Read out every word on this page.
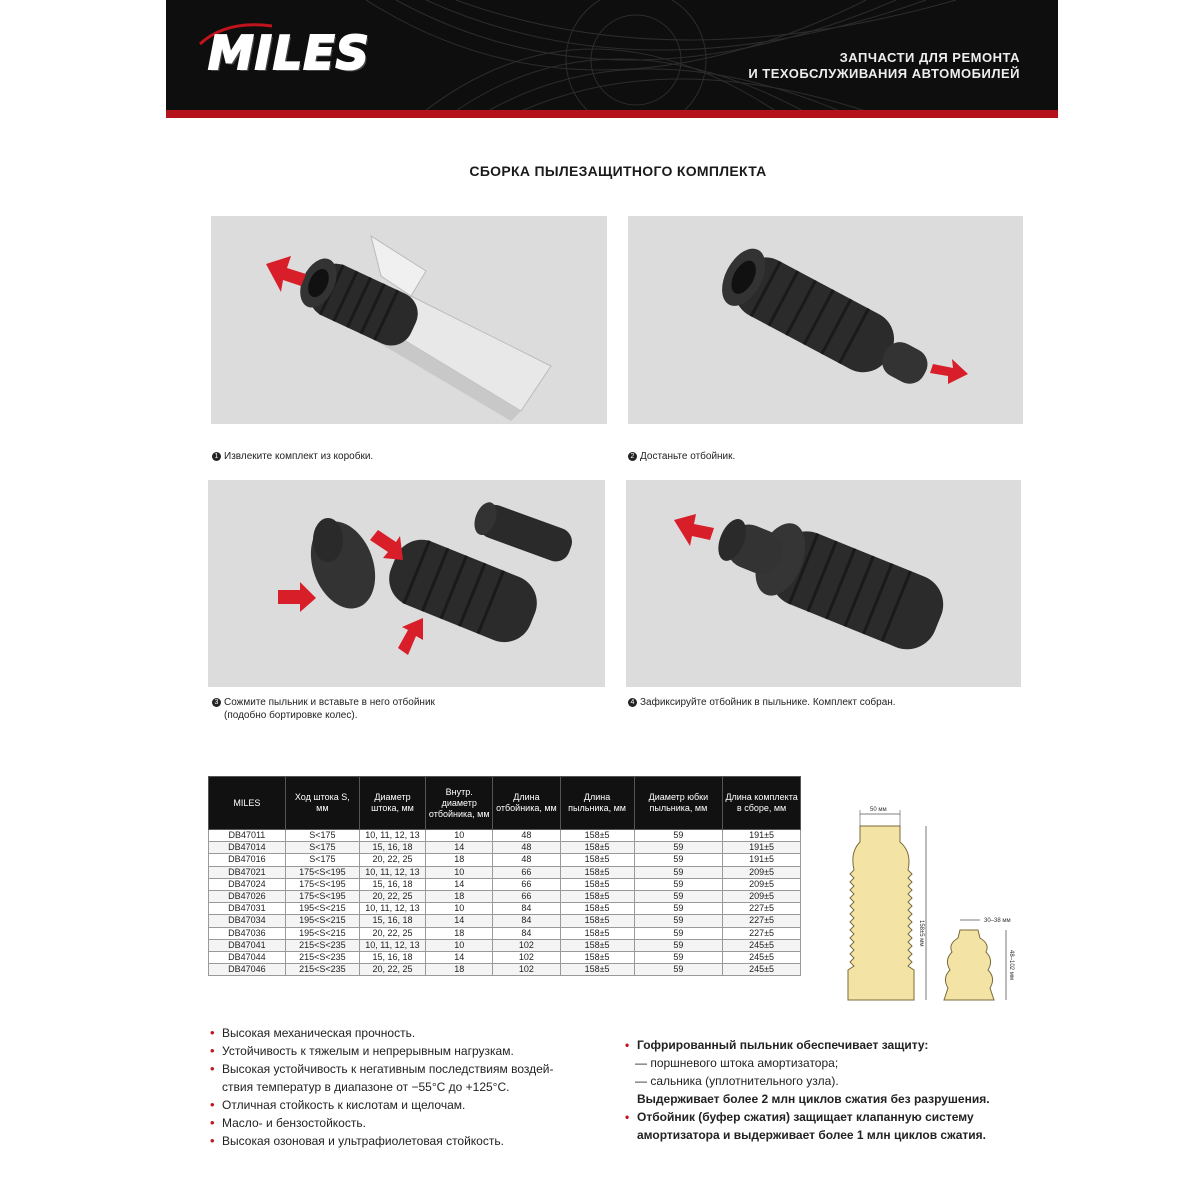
MILES	ЗАПЧАСТИ ДЛЯ РЕМОНТА
И ТЕХОБСЛУЖИВАНИЯ АВТОМОБИЛЕЙ
СБОРКА ПЫЛЕЗАЩИТНОГО КОМПЛЕКТА
1 Извлеките комплект из коробки.	2 Достаньте отбойник.
3 Сожмите пыльник и вставьте в него отбойник
(подобно бортировке колес).
4 Зафиксируйте отбойник в пыльнике. Комплект собран.
MILES	Ход штока S, мм	Диаметр штока, мм	Внутр. диаметр отбойника, мм	Длина отбойника, мм	Длина пыльника, мм	Диаметр юбки пыльника, мм	Длина комплекта в сборе, мм
DB47011	S<175	10, 11, 12, 13	10	48	158±5	59	191±5
DB47014	S<175	15, 16, 18	14	48	158±5	59	191±5
DB47016	S<175	20, 22, 25	18	48	158±5	59	191±5
DB47021	175<S<195	10, 11, 12, 13	10	66	158±5	59	209±5
DB47024	175<S<195	15, 16, 18	14	66	158±5	59	209±5
DB47026	175<S<195	20, 22, 25	18	66	158±5	59	209±5
DB47031	195<S<215	10, 11, 12, 13	10	84	158±5	59	227±5
DB47034	195<S<215	15, 16, 18	14	84	158±5	59	227±5
DB47036	195<S<215	20, 22, 25	18	84	158±5	59	227±5
DB47041	215<S<235	10, 11, 12, 13	10	102	158±5	59	245±5
DB47044	215<S<235	15, 16, 18	14	102	158±5	59	245±5
DB47046	215<S<235	20, 22, 25	18	102	158±5	59	245±5
50 мм
158±5 мм	30–38 мм
48–102 мм
• Высокая механическая прочность.
• Устойчивость к тяжелым и непрерывным нагрузкам.
• Высокая устойчивость к негативным последствиям воздей-
ствия температур в диапазоне от −55°C до +125°C.
• Отличная стойкость к кислотам и щелочам.
• Масло- и бензостойкость.
• Высокая озоновая и ультрафиолетовая стойкость.
• Гофрированный пыльник обеспечивает защиту:
— поршневого штока амортизатора;
— сальника (уплотнительного узла).
Выдерживает более 2 млн циклов сжатия без разрушения.
• Отбойник (буфер сжатия) защищает клапанную систему
амортизатора и выдерживает более 1 млн циклов сжатия.
